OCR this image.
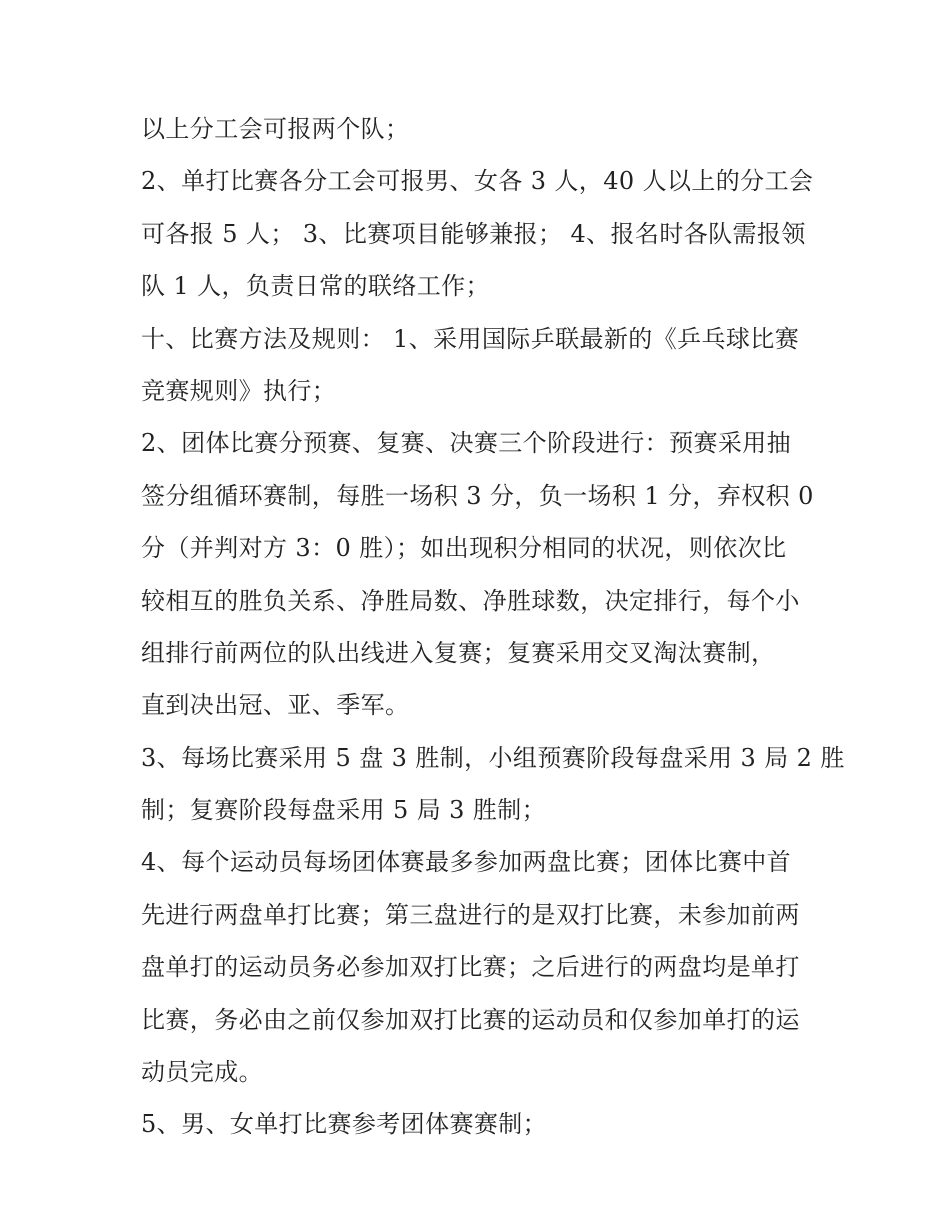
以上分工会可报两个队；
2、单打比赛各分工会可报男、女各 3 人，40 人以上的分工会
可各报 5 人； 3、比赛项目能够兼报； 4、报名时各队需报领
队 1 人，负责日常的联络工作；
十、比赛方法及规则： 1、采用国际乒联最新的《乒乓球比赛
竞赛规则》执行；
2、团体比赛分预赛、复赛、决赛三个阶段进行：预赛采用抽
签分组循环赛制，每胜一场积 3 分，负一场积 1 分，弃权积 0
分（并判对方 3：0 胜）；如出现积分相同的状况，则依次比
较相互的胜负关系、净胜局数、净胜球数，决定排行，每个小
组排行前两位的队出线进入复赛；复赛采用交叉淘汰赛制，
直到决出冠、亚、季军。
3、每场比赛采用 5 盘 3 胜制，小组预赛阶段每盘采用 3 局 2 胜
制；复赛阶段每盘采用 5 局 3 胜制；
4、每个运动员每场团体赛最多参加两盘比赛；团体比赛中首
先进行两盘单打比赛；第三盘进行的是双打比赛，未参加前两
盘单打的运动员务必参加双打比赛；之后进行的两盘均是单打
比赛，务必由之前仅参加双打比赛的运动员和仅参加单打的运
动员完成。
5、男、女单打比赛参考团体赛赛制；
